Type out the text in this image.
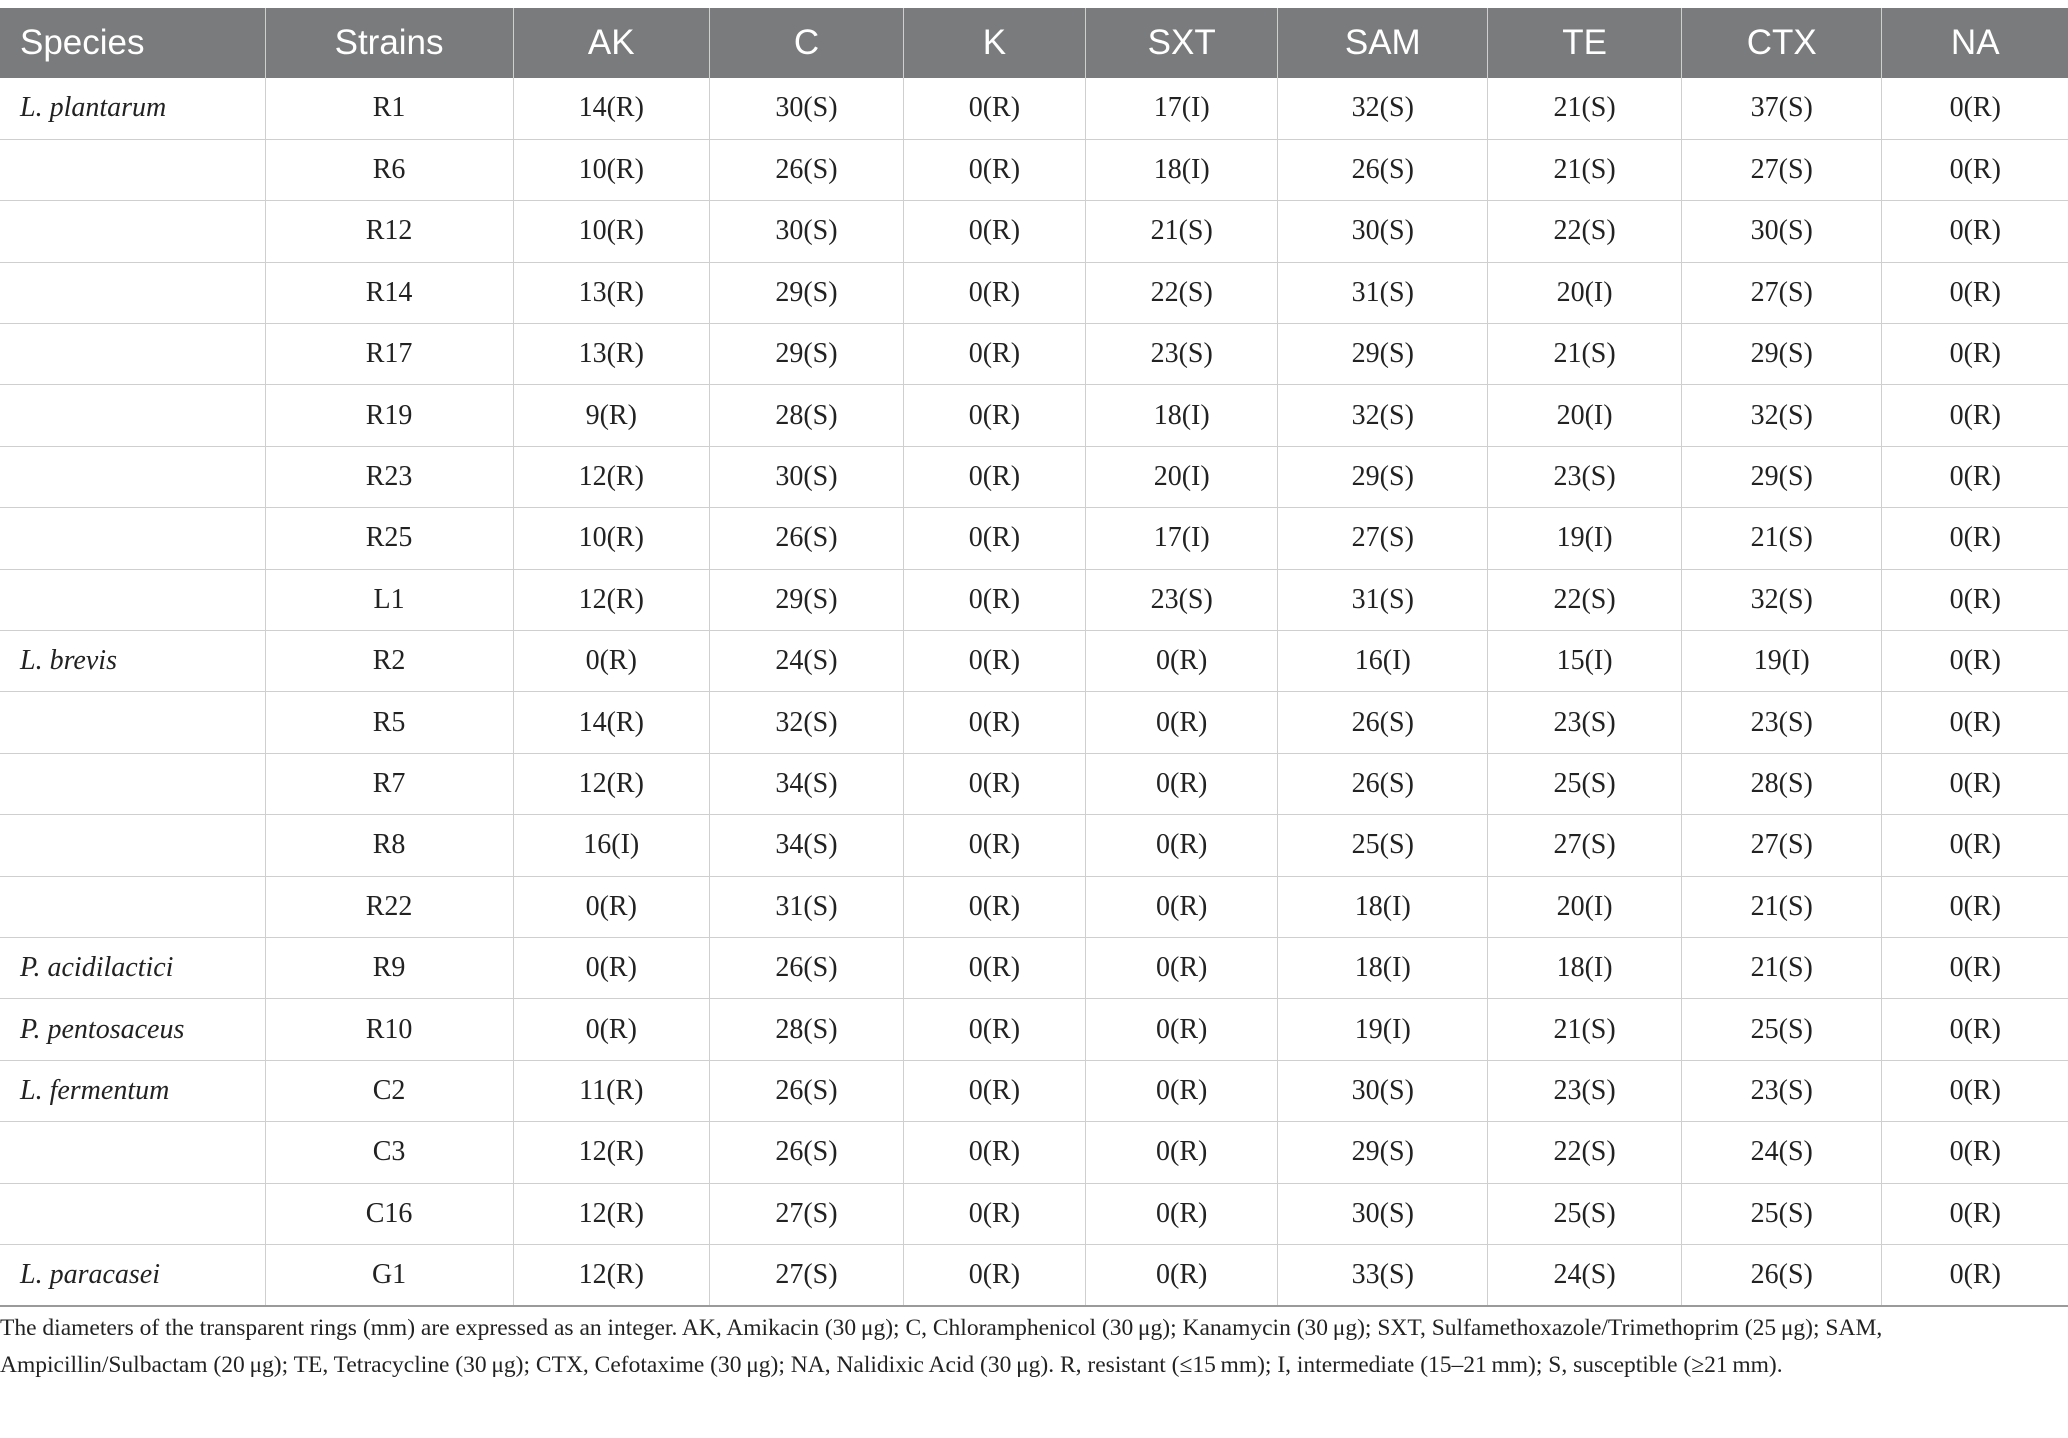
Species	Strains	AK	C	K	SXT	SAM	TE	CTX	NA
L. plantarum	R1	14(R)	30(S)	0(R)	17(I)	32(S)	21(S)	37(S)	0(R)
	R6	10(R)	26(S)	0(R)	18(I)	26(S)	21(S)	27(S)	0(R)
	R12	10(R)	30(S)	0(R)	21(S)	30(S)	22(S)	30(S)	0(R)
	R14	13(R)	29(S)	0(R)	22(S)	31(S)	20(I)	27(S)	0(R)
	R17	13(R)	29(S)	0(R)	23(S)	29(S)	21(S)	29(S)	0(R)
	R19	9(R)	28(S)	0(R)	18(I)	32(S)	20(I)	32(S)	0(R)
	R23	12(R)	30(S)	0(R)	20(I)	29(S)	23(S)	29(S)	0(R)
	R25	10(R)	26(S)	0(R)	17(I)	27(S)	19(I)	21(S)	0(R)
	L1	12(R)	29(S)	0(R)	23(S)	31(S)	22(S)	32(S)	0(R)
L. brevis	R2	0(R)	24(S)	0(R)	0(R)	16(I)	15(I)	19(I)	0(R)
	R5	14(R)	32(S)	0(R)	0(R)	26(S)	23(S)	23(S)	0(R)
	R7	12(R)	34(S)	0(R)	0(R)	26(S)	25(S)	28(S)	0(R)
	R8	16(I)	34(S)	0(R)	0(R)	25(S)	27(S)	27(S)	0(R)
	R22	0(R)	31(S)	0(R)	0(R)	18(I)	20(I)	21(S)	0(R)
P. acidilactici	R9	0(R)	26(S)	0(R)	0(R)	18(I)	18(I)	21(S)	0(R)
P. pentosaceus	R10	0(R)	28(S)	0(R)	0(R)	19(I)	21(S)	25(S)	0(R)
L. fermentum	C2	11(R)	26(S)	0(R)	0(R)	30(S)	23(S)	23(S)	0(R)
	C3	12(R)	26(S)	0(R)	0(R)	29(S)	22(S)	24(S)	0(R)
	C16	12(R)	27(S)	0(R)	0(R)	30(S)	25(S)	25(S)	0(R)
L. paracasei	G1	12(R)	27(S)	0(R)	0(R)	33(S)	24(S)	26(S)	0(R)

The diameters of the transparent rings (mm) are expressed as an integer. AK, Amikacin (30 μg); C, Chloramphenicol (30 μg); Kanamycin (30 μg); SXT, Sulfamethoxazole/Trimethoprim (25 μg); SAM, Ampicillin/Sulbactam (20 μg); TE, Tetracycline (30 μg); CTX, Cefotaxime (30 μg); NA, Nalidixic Acid (30 μg). R, resistant (≤15 mm); I, intermediate (15–21 mm); S, susceptible (≥21 mm).
